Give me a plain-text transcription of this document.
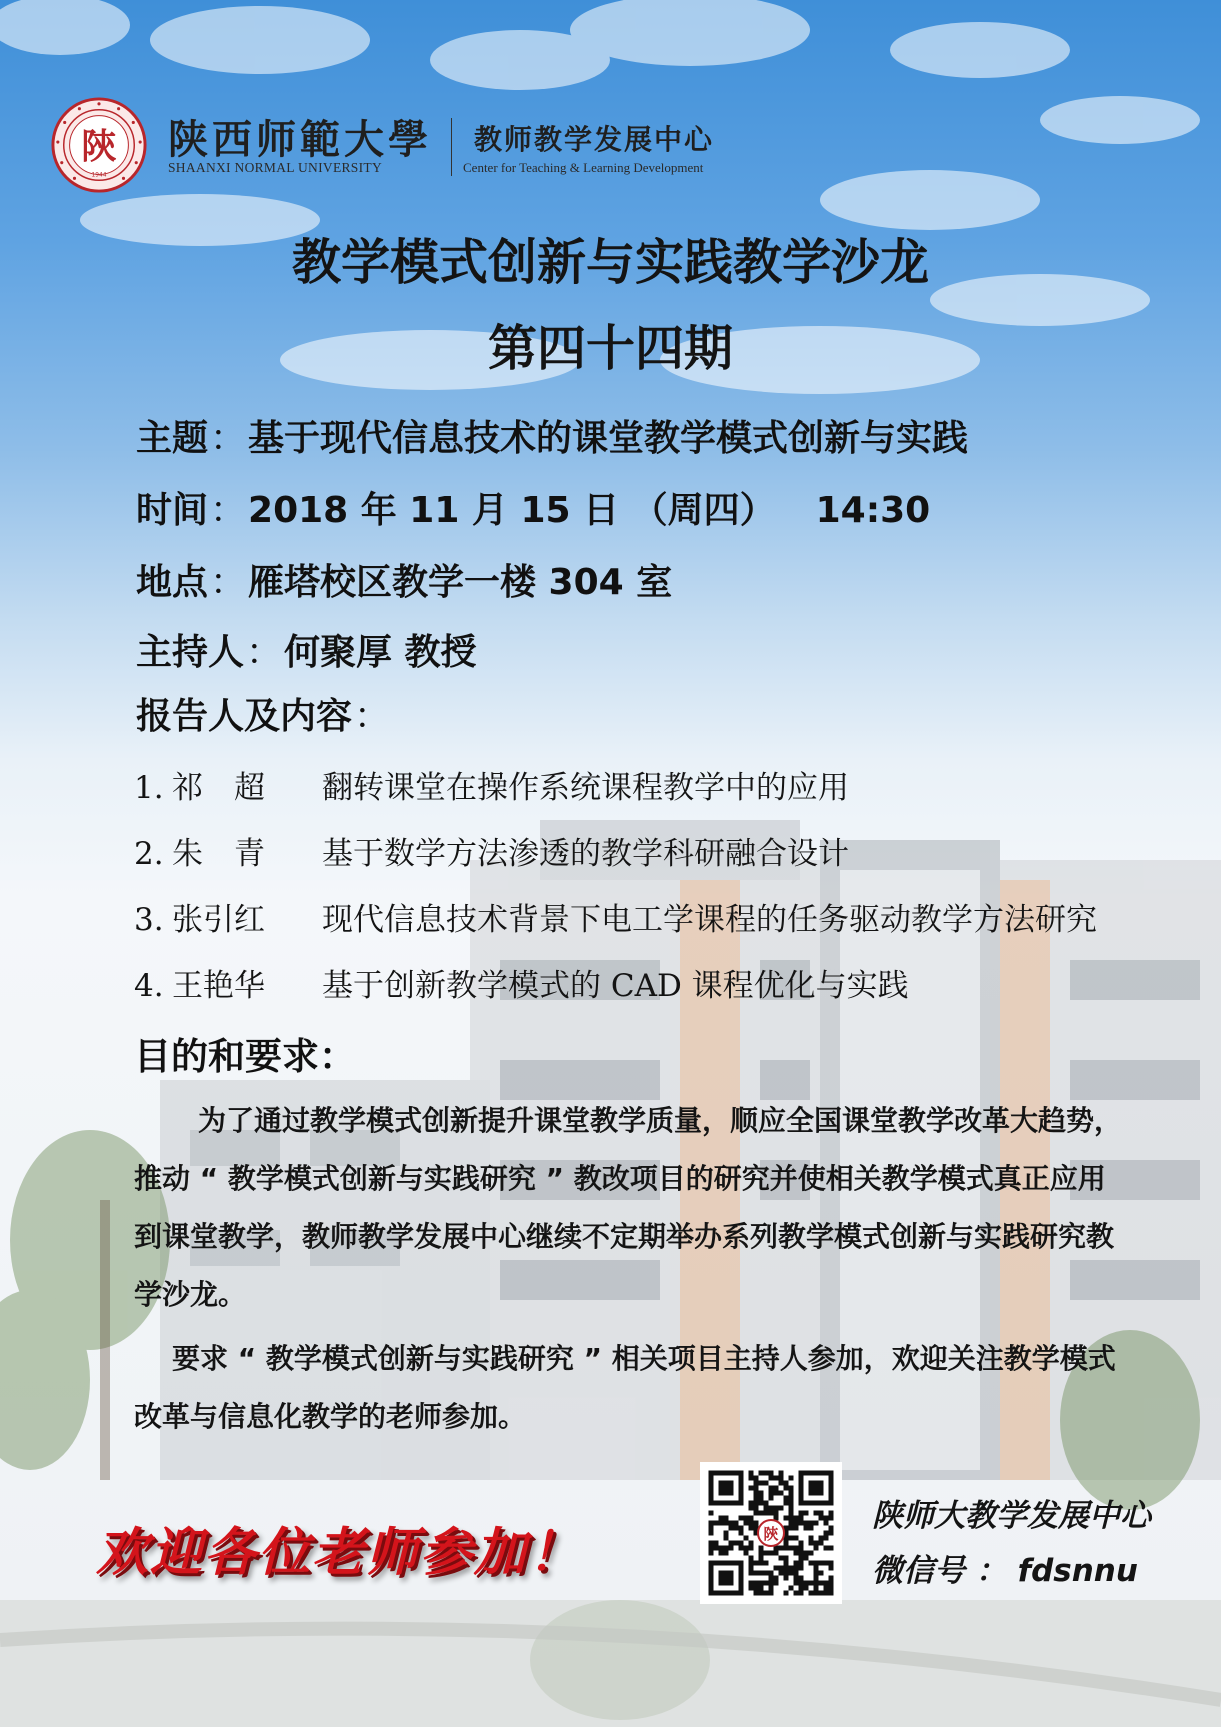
陝
1944
陕西师範大學
SHAANXI NORMAL UNIVERSITY
教师教学发展中心
Center for Teaching & Learning Development
教学模式创新与实践教学沙龙
第四十四期
主题：基于现代信息技术的课堂教学模式创新与实践
时间：2018 年 11 月 15 日 （周四） 14:30
地点：雁塔校区教学一楼 304 室
主持人：何聚厚 教授
报告人及内容：
1. 祁　超 翻转课堂在操作系统课程教学中的应用
2. 朱　青 基于数学方法渗透的教学科研融合设计
3. 张引红 现代信息技术背景下电工学课程的任务驱动教学方法研究
4. 王艳华 基于创新教学模式的 CAD 课程优化与实践
目的和要求：

为了通过教学模式创新提升课堂教学质量，顺应全国课堂教学改革大趋势，推动 “ 教学模式创新与实践研究 ” 教改项目的研究并使相关教学模式真正应用到课堂教学，教师教学发展中心继续不定期举办系列教学模式创新与实践研究教学沙龙。

要求 “ 教学模式创新与实践研究 ” 相关项目主持人参加，欢迎关注教学模式改革与信息化教学的老师参加。

欢迎各位老师参加！	陝	陕师大教学发展中心
微信号 ： fdsnnu
